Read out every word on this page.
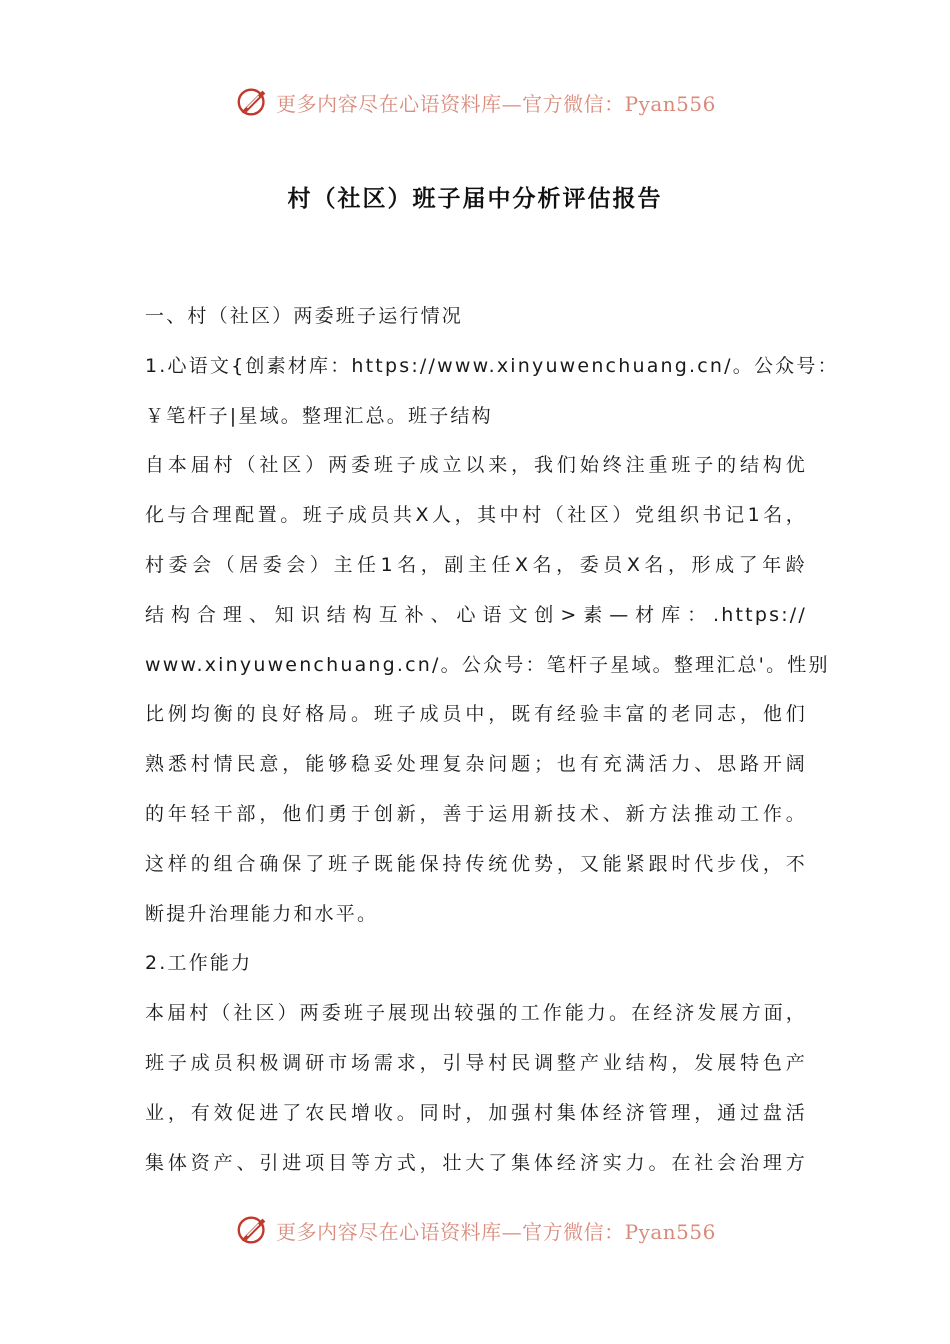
更多内容尽在心语资料库—官方微信：Pyan556
村（社区）班子届中分析评估报告

一、村（社区）两委班子运行情况

1.心语文{创素材库：https://www.xinyuwenchuang.cn/。公众号：
￥笔杆子|星域。整理汇总。班子结构

自本届村（社区）两委班子成立以来，我们始终注重班子的结构优
化与合理配置。班子成员共X人，其中村（社区）党组织书记1名，
村委会（居委会）主任1名，副主任X名，委员X名，形成了年龄
结构合理、知识结构互补、心语文创>素—材库：.https://
www.xinyuwenchuang.cn/。公众号：笔杆子星域。整理汇总'。性别
比例均衡的良好格局。班子成员中，既有经验丰富的老同志，他们
熟悉村情民意，能够稳妥处理复杂问题；也有充满活力、思路开阔
的年轻干部，他们勇于创新，善于运用新技术、新方法推动工作。
这样的组合确保了班子既能保持传统优势，又能紧跟时代步伐，不
断提升治理能力和水平。

2.工作能力

本届村（社区）两委班子展现出较强的工作能力。在经济发展方面，
班子成员积极调研市场需求，引导村民调整产业结构，发展特色产
业，有效促进了农民增收。同时，加强村集体经济管理，通过盘活
集体资产、引进项目等方式，壮大了集体经济实力。在社会治理方

更多内容尽在心语资料库—官方微信：Pyan556
